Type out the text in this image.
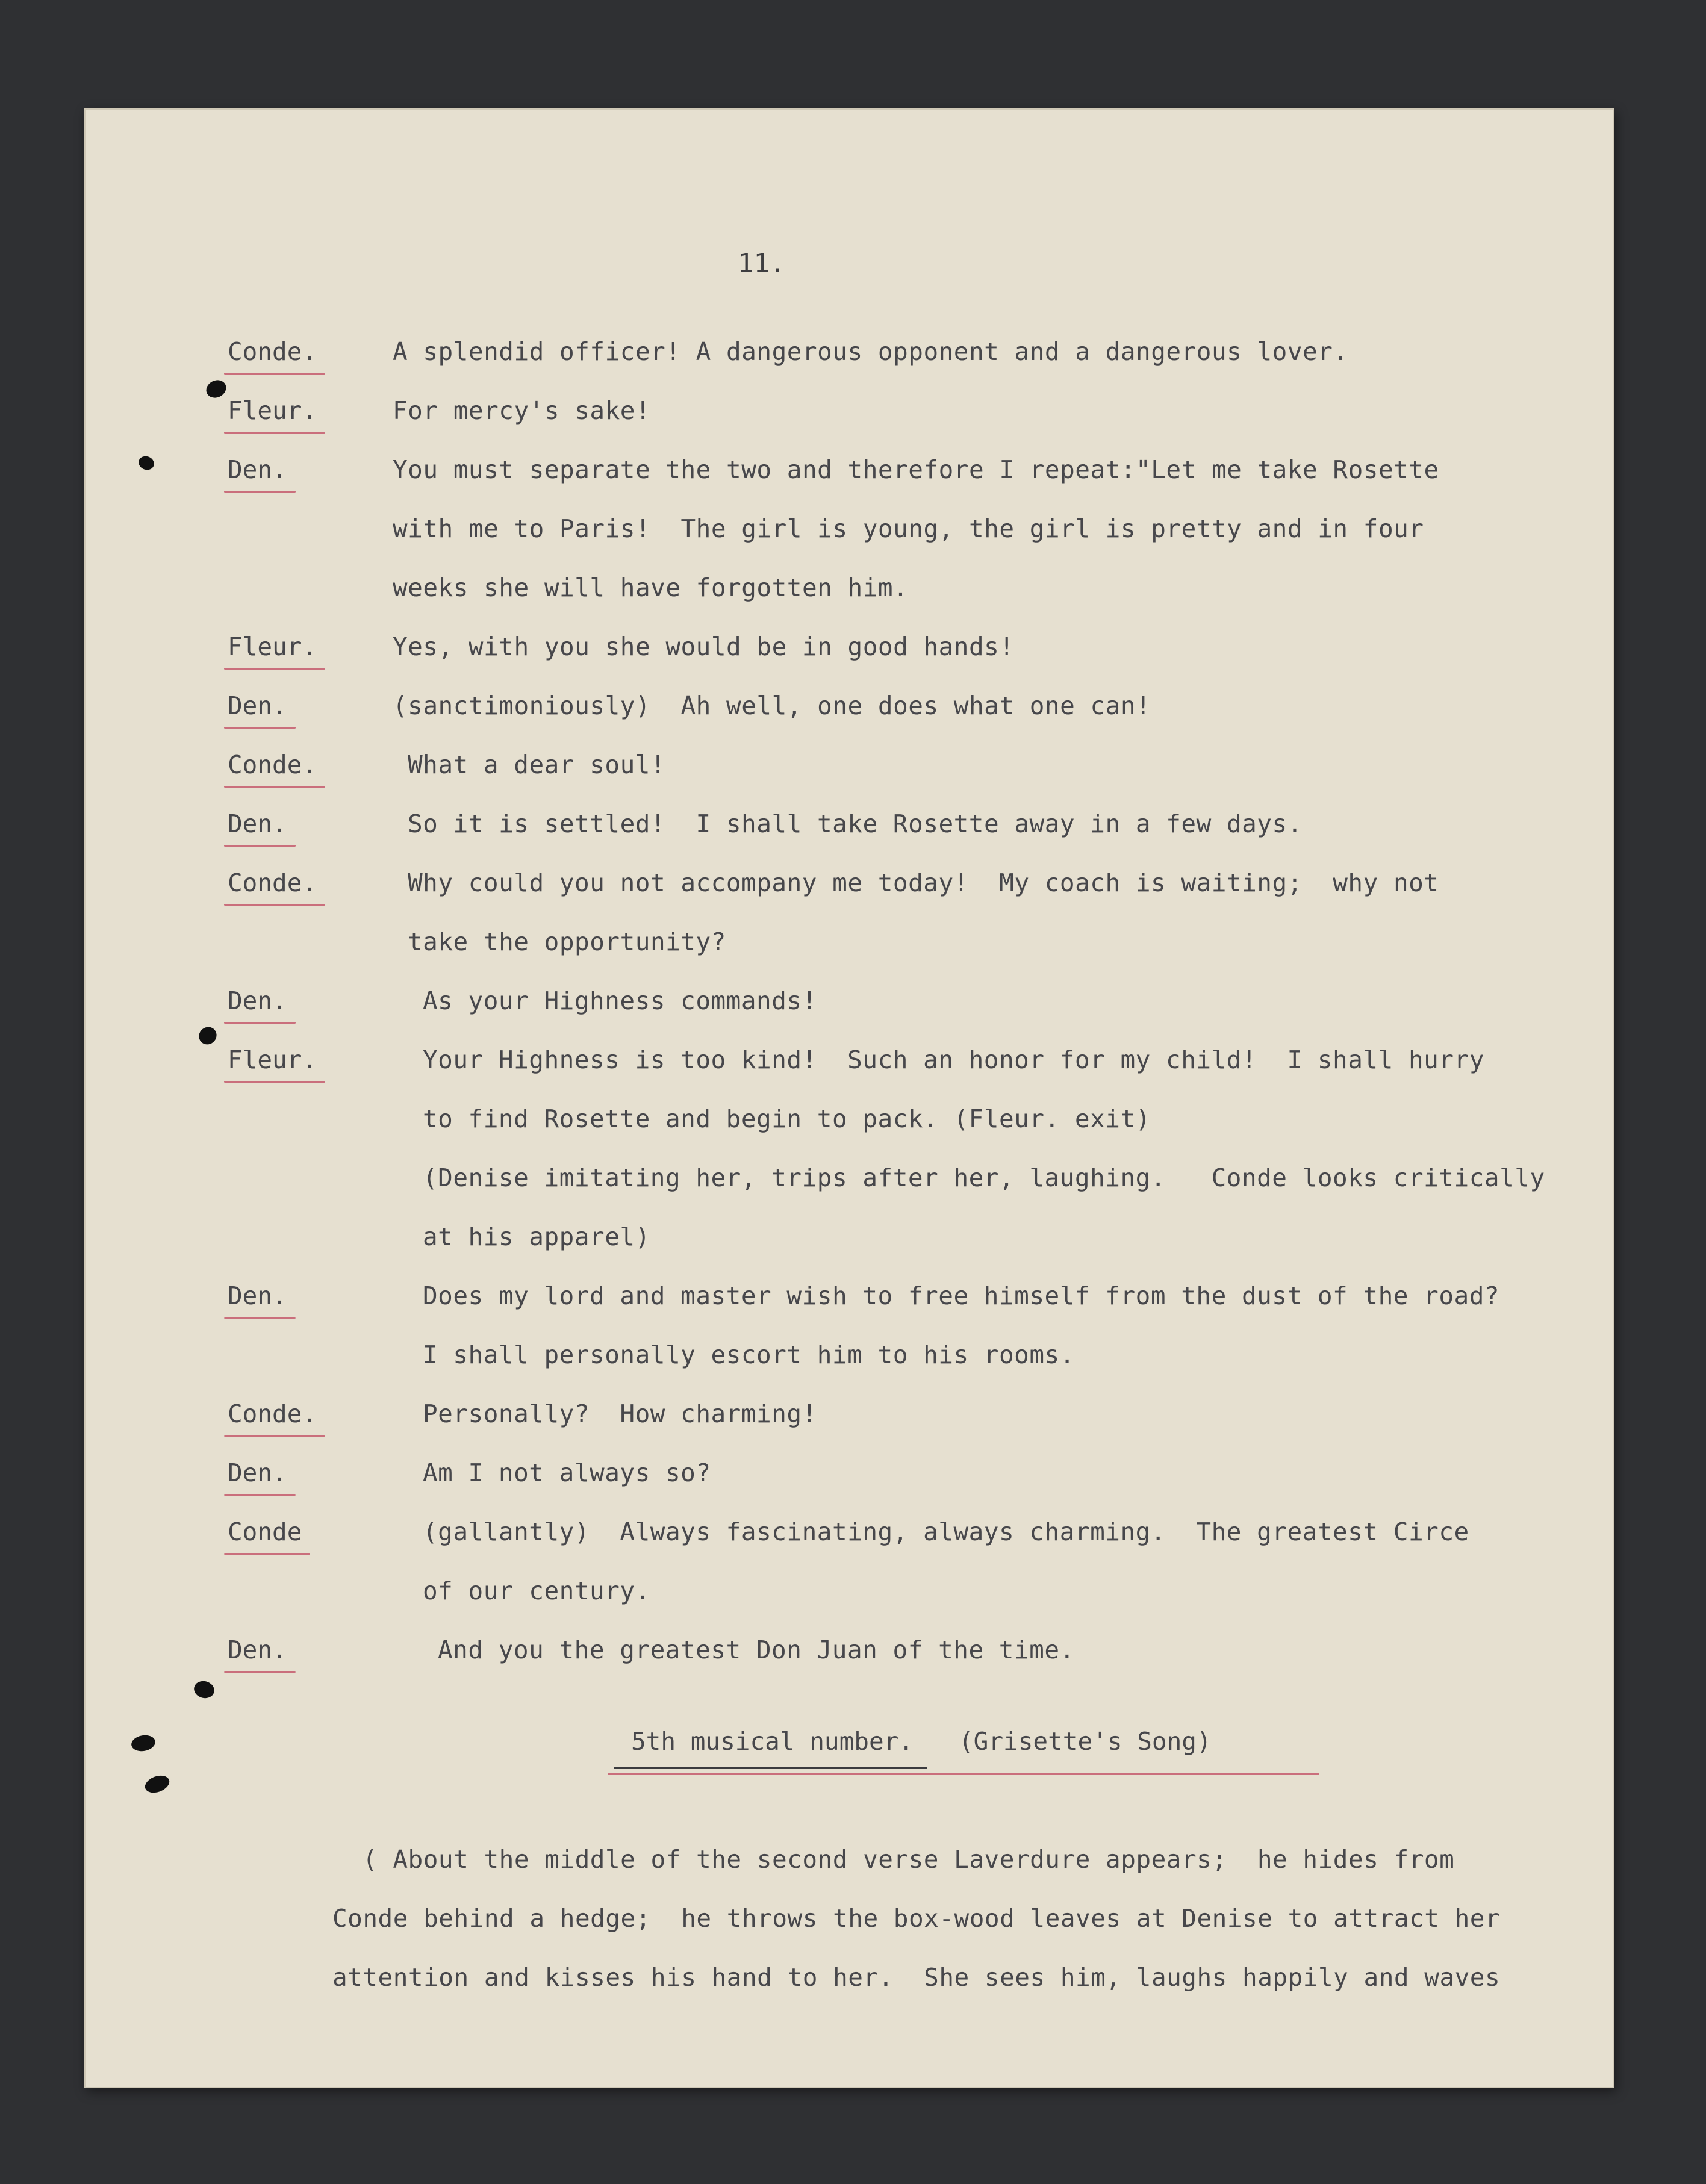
11.
Conde.	A splendid officer! A dangerous opponent and a dangerous lover.
Fleur.	For mercy's sake!
Den.	You must separate the two and therefore I repeat:"Let me take Rosette
with me to Paris!  The girl is young, the girl is pretty and in four
weeks she will have forgotten him.
Fleur.	Yes, with you she would be in good hands!
Den.	(sanctimoniously)  Ah well, one does what one can!
Conde.	What a dear soul!
Den.	So it is settled!  I shall take Rosette away in a few days.
Conde.	Why could you not accompany me today!  My coach is waiting;  why not
take the opportunity?
Den.	As your Highness commands!
Fleur.	Your Highness is too kind!  Such an honor for my child!  I shall hurry
to find Rosette and begin to pack. (Fleur. exit)
(Denise imitating her, trips after her, laughing.   Conde looks critically
at his apparel)
Den.	Does my lord and master wish to free himself from the dust of the road?
I shall personally escort him to his rooms.
Conde.	Personally?  How charming!
Den.	Am I not always so?
Conde	(gallantly)  Always fascinating, always charming.  The greatest Circe
of our century.
Den.	And you the greatest Don Juan of the time.
5th musical number. (Grisette's Song)
( About the middle of the second verse Laverdure appears;  he hides from
Conde behind a hedge;  he throws the box-wood leaves at Denise to attract her
attention and kisses his hand to her.  She sees him, laughs happily and waves
